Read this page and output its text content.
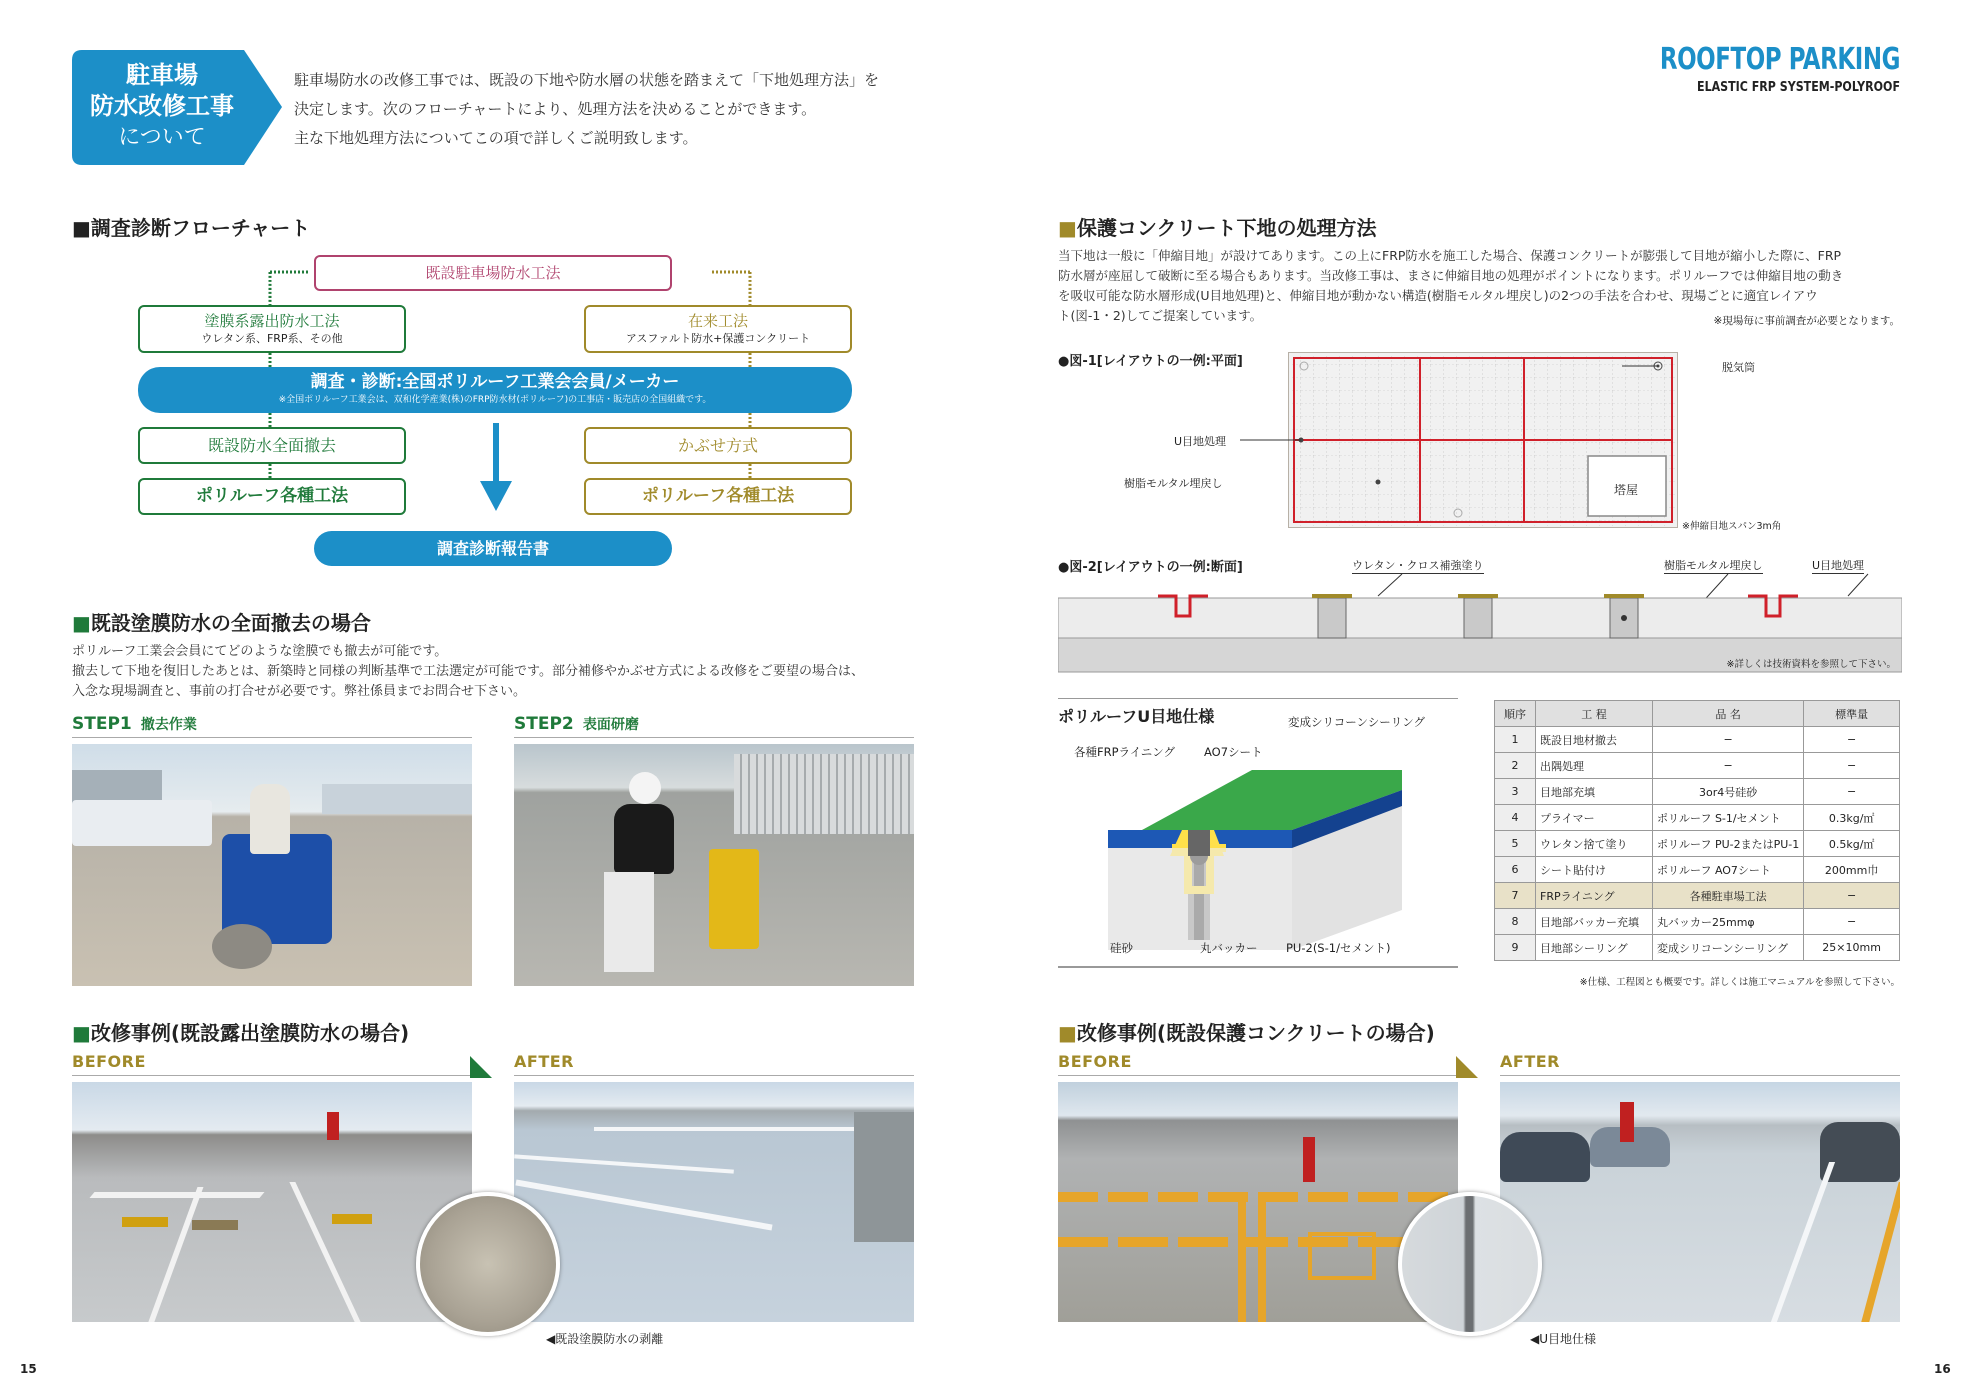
駐車場
防水改修工事
について
駐車場防水の改修工事では、既設の下地や防水層の状態を踏まえて「下地処理方法」を
決定します。次のフローチャートにより、処理方法を決めることができます。
主な下地処理方法についてこの項で詳しくご説明致します。
■調査診断フローチャート
既設駐車場防水工法
塗膜系露出防水工法
ウレタン系、FRP系、その他
在来工法
アスファルト防水+保護コンクリート
調査・診断:全国ポリルーフ工業会会員/メーカー
※全国ポリルーフ工業会は、双和化学産業(株)のFRP防水材(ポリルーフ)の工事店・販売店の全国組織です。
既設防水全面撤去	かぶせ方式
ポリルーフ各種工法	ポリルーフ各種工法
調査診断報告書
■既設塗膜防水の全面撤去の場合
ポリルーフ工業会会員にてどのような塗膜でも撤去が可能です。
撤去して下地を復旧したあとは、新築時と同様の判断基準で工法選定が可能です。部分補修やかぶせ方式による改修をご要望の場合は、
入念な現場調査と、事前の打合せが必要です。弊社係員までお問合せ下さい。
STEP1 撤去作業	STEP2 表面研磨
■改修事例(既設露出塗膜防水の場合)
BEFORE	AFTER
◀既設塗膜防水の剥離
15
ROOFTOP PARKING
ELASTIC FRP SYSTEM-POLYROOF
■保護コンクリート下地の処理方法
当下地は一般に「伸縮目地」が設けてあります。この上にFRP防水を施工した場合、保護コンクリートが膨張して目地が縮小した際に、FRP
防水層が座屈して破断に至る場合もあります。当改修工事は、まさに伸縮目地の処理がポイントになります。ポリルーフでは伸縮目地の動き
を吸収可能な防水層形成(U目地処理)と、伸縮目地が動かない構造(樹脂モルタル埋戻し)の2つの手法を合わせ、現場ごとに適宜レイアウ
ト(図-1・2)してご提案しています。	※現場毎に事前調査が必要となります。
●図-1[レイアウトの一例:平面]	脱気筒
U目地処理
樹脂モルタル埋戻し	塔屋
※伸縮目地スパン3m角
●図-2[レイアウトの一例:断面]	ウレタン・クロス補強塗り	樹脂モルタル埋戻し	U目地処理
※詳しくは技術資料を参照して下さい。
ポリルーフU目地仕様	変成シリコーンシーリング
各種FRPライニング	AO7シート
硅砂	丸バッカー PU-2(S-1/セメント)
順序	工 程	品 名	標準量
1	既設目地材撤去	−	−
2	出隅処理	−	−
3	目地部充填	3or4号硅砂	−
4	プライマー	ポリルーフ S-1/セメント	0.3kg/㎡
5	ウレタン捨て塗り	ポリルーフ PU-2またはPU-1	0.5kg/㎡
6	シート貼付け	ポリルーフ AO7シート	200mm巾
7	FRPライニング	各種駐車場工法	−
8	目地部バッカー充填	丸バッカー25mmφ	−
9	目地部シーリング	変成シリコーンシーリング	25×10mm
※仕様、工程図とも概要です。詳しくは施工マニュアルを参照して下さい。
■改修事例(既設保護コンクリートの場合)
BEFORE	AFTER
◀U目地仕様
16
